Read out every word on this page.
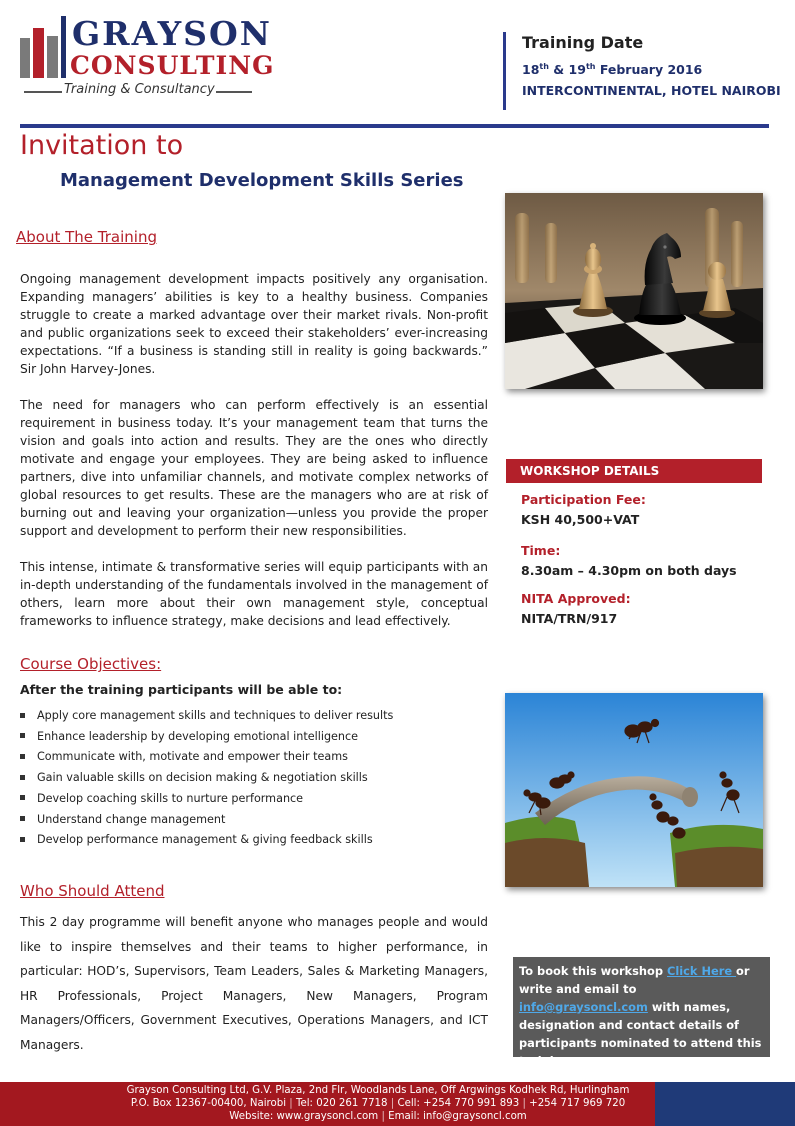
GRAYSON
CONSULTING
Training & Consultancy
Training Date
18th & 19th February 2016
INTERCONTINENTAL, HOTEL NAIROBI
Invitation to
Management Development Skills Series
About The Training

Ongoing management development impacts positively any organisation. Expanding managers’ abilities is key to a healthy business. Companies struggle to create a marked advantage over their market rivals. Non-profit and public organizations seek to exceed their stakeholders’ ever-increasing expectations. “If a business is standing still in reality is going backwards.” Sir John Harvey-Jones.

The need for managers who can perform effectively is an essential requirement in business today. It’s your management team that turns the vision and goals into action and results. They are the ones who directly motivate and engage your employees. They are being asked to influence partners, dive into unfamiliar channels, and motivate complex networks of global resources to get results. These are the managers who are at risk of burning out and leaving your organization—unless you provide the proper support and development to perform their new responsibilities.

This intense, intimate & transformative series will equip participants with an in-depth understanding of the fundamentals involved in the management of others, learn more about their own management style, conceptual frameworks to influence strategy, make decisions and lead effectively.

Course Objectives:
After the training participants will be able to:
Apply core management skills and techniques to deliver results
Enhance leadership by developing emotional intelligence
Communicate with, motivate and empower their teams
Gain valuable skills on decision making & negotiation skills
Develop coaching skills to nurture performance
Understand change management
Develop performance management & giving feedback skills
Who Should Attend

This 2 day programme will benefit anyone who manages people and would like to inspire themselves and their teams to higher performance, in particular: HOD’s, Supervisors, Team Leaders, Sales & Marketing Managers, HR Professionals, Project Managers, New Managers, Program Managers/Officers, Government Executives, Operations Managers, and ICT Managers.

WORKSHOP DETAILS
Participation Fee:
KSH 40,500+VAT
Time:
8.30am – 4.30pm on both days
NITA Approved:
NITA/TRN/917
To book this workshop Click Here or write and email to info@graysoncl.com with names, designation and contact details of participants nominated to attend this training
Grayson Consulting Ltd, G.V. Plaza, 2nd Flr, Woodlands Lane, Off Argwings Kodhek Rd, Hurlingham
P.O. Box 12367-00400, Nairobi | Tel: 020 261 7718 | Cell: +254 770 991 893 | +254 717 969 720
Website: www.graysoncl.com | Email: info@graysoncl.com
